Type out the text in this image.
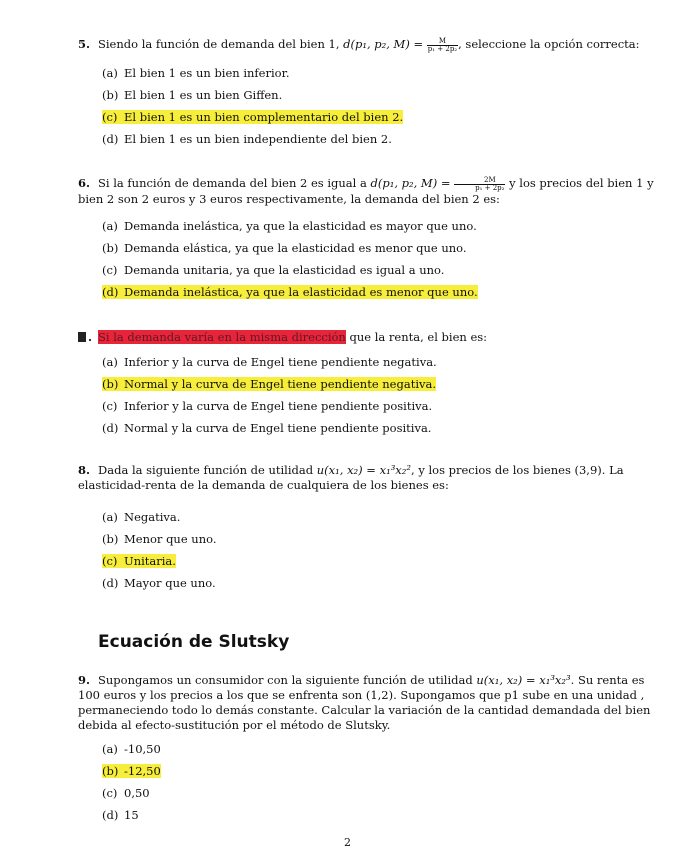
5. Siendo la función de demanda del bien 1, d(p₁, p₂, $M) = \frac{M}{\text{p₁ + 2p₂}}$ , seleccione la opción correcta:
(a) El bien 1 es un bien inferior.
(b) El bien 1 es un bien Giffen.
(c) El bien 1 es un bien complementario del bien 2.
(d) El bien 1 es un bien independiente del bien 2.
6. Si la función de demanda del bien 2 es igual a d(p₁, p₂, $M) = \frac{2M}{\text{p₁ + 2p₂}}$ y los precios del bien 1 y bien 2 son 2 euros y 3 euros respectivamente, la demanda del bien 2 es:
(a) Demanda inelástica, ya que la elasticidad es mayor que uno.
(b) Demanda elástica, ya que la elasticidad es menor que uno.
(c) Demanda unitaria, ya que la elasticidad es igual a uno.
(d) Demanda inelástica, ya que la elasticidad es menor que uno.
. Si la demanda varía en la misma dirección que la renta, el bien es:
(a) Inferior y la curva de Engel tiene pendiente negativa.
(b) Normal y la curva de Engel tiene pendiente negativa.
(c) Inferior y la curva de Engel tiene pendiente positiva.
(d) Normal y la curva de Engel tiene pendiente positiva.
8. Dada la siguiente función de utilidad u(x₁, x₂) = x₁³x₂², y los precios de los bienes (3,9). La elasticidad-renta de la demanda de cualquiera de los bienes es:
(a) Negativa.
(b) Menor que uno.
(c) Unitaria.
(d) Mayor que uno.
Ecuación de Slutsky
9. Supongamos un consumidor con la siguiente función de utilidad u(x₁, x₂) = x₁³x₂³. Su renta es 100 euros y los precios a los que se enfrenta son (1,2). Supongamos que p1 sube en una unidad , permaneciendo todo lo demás constante. Calcular la variación de la cantidad demandada del bien debida al efecto-sustitución por el método de Slutsky.
(a) -10,50
(b) -12,50
(c) 0,50
(d) 15
2
